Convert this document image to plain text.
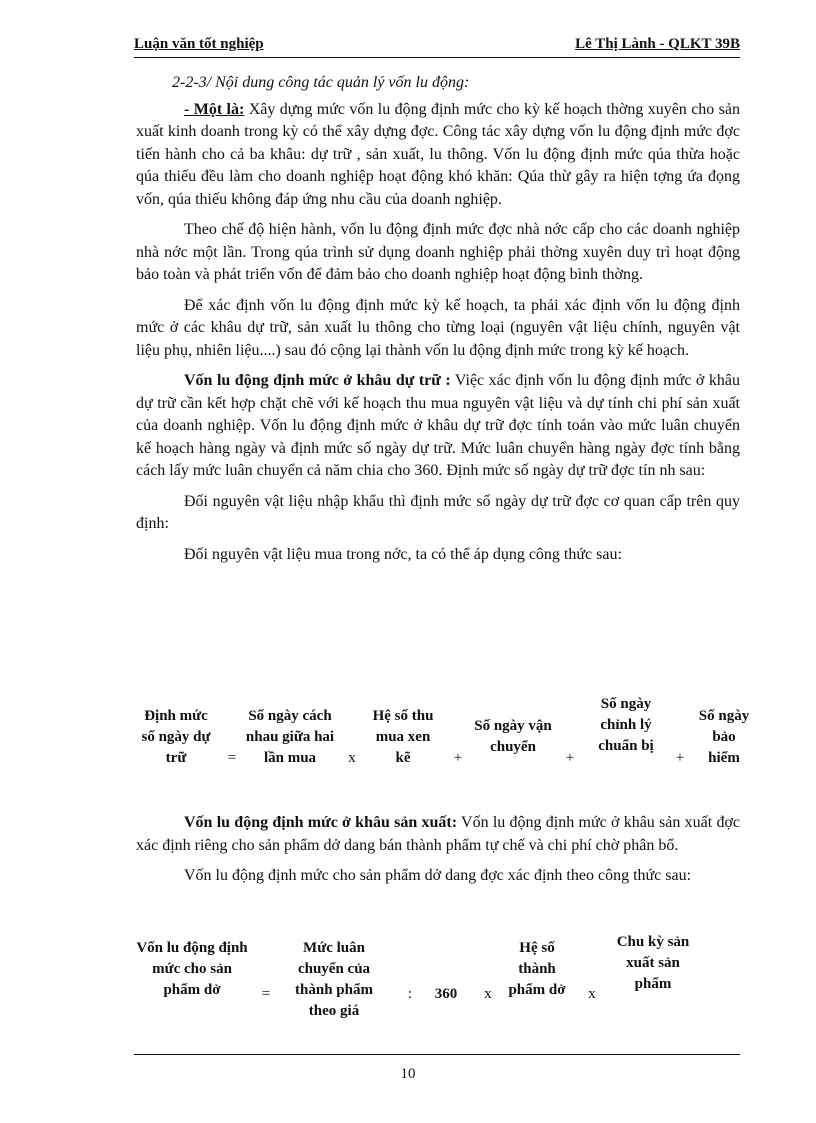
Luận văn tốt nghiệp	Lê Thị Lành - QLKT 39B
2-2-3/ Nội dung công tác quản lý vốn lu động:

- Một là: Xây dựng mức vốn lu động định mức cho kỳ kế hoạch thờng xuyên cho sản xuất kinh doanh trong kỳ có thể xây dựng đợc. Công tác xây dựng vốn lu động định mức đợc tiến hành cho cả ba khâu: dự trữ , sản xuất, lu thông. Vốn lu động định mức qúa thừa hoặc qúa thiếu đều làm cho doanh nghiệp hoạt động khó khăn: Qúa thừ gây ra hiện tợng ứa đọng vốn, qúa thiếu không đáp ứng nhu cầu của doanh nghiệp.

Theo chế độ hiện hành, vốn lu động định mức đợc nhà nớc cấp cho các doanh nghiệp nhà nớc một lần. Trong qúa trình sử dụng doanh nghiệp phải thờng xuyên duy trì hoạt động bảo toàn và phát triển vốn để đảm bảo cho doanh nghiệp hoạt động bình thờng.

Để xác định vốn lu động định mức kỳ kế hoạch, ta phải xác định vốn lu động định mức ở các khâu dự trữ, sản xuất lu thông cho từng loại (nguyên vật liệu chính, nguyên vật liệu phụ, nhiên liệu....) sau đó cộng lại thành vốn lu động định mức trong kỳ kế hoạch.

Vốn lu động định mức ở khâu dự trữ : Việc xác định vốn lu động định mức ở khâu dự trữ cần kết hợp chặt chẽ với kế hoạch thu mua nguyên vật liệu và dự tính chi phí sản xuất của doanh nghiệp. Vốn lu động định mức ở khâu dự trữ đợc tính toán vào mức luân chuyển kế hoạch hàng ngày và định mức số ngày dự trữ. Mức luân chuyển hàng ngày đợc tính bằng cách lấy mức luân chuyển cả năm chia cho 360. Định mức số ngày dự trữ đợc tín nh sau:

Đối nguyên vật liệu nhập khẩu thì định mức số ngày dự trữ đợc cơ quan cấp trên quy định:

Đối nguyên vật liệu mua trong nớc, ta có thể áp dụng công thức sau:

Định mức số ngày dự trữ	=
Số ngày cách nhau giữa hai lần mua	x
Hệ số thu mua xen kẽ	+
Số ngày vận chuyển
+
Số ngày chỉnh lý chuẩn bị
+
Số ngày bảo hiểm

Vốn lu động định mức ở khâu sản xuất: Vốn lu động định mức ở khâu sản xuất đợc xác định riêng cho sản phẩm dở dang bán thành phẩm tự chế và chi phí chờ phân bổ.

Vốn lu động định mức cho sản phẩm dở dang đợc xác định theo công thức sau:

Vốn lu động định mức cho sản phẩm dở	=
Mức luân chuyển của thành phẩm theo giá
:	360	x
Hệ số thành phẩm dở	x
Chu kỳ sản xuất sản phẩm
10
